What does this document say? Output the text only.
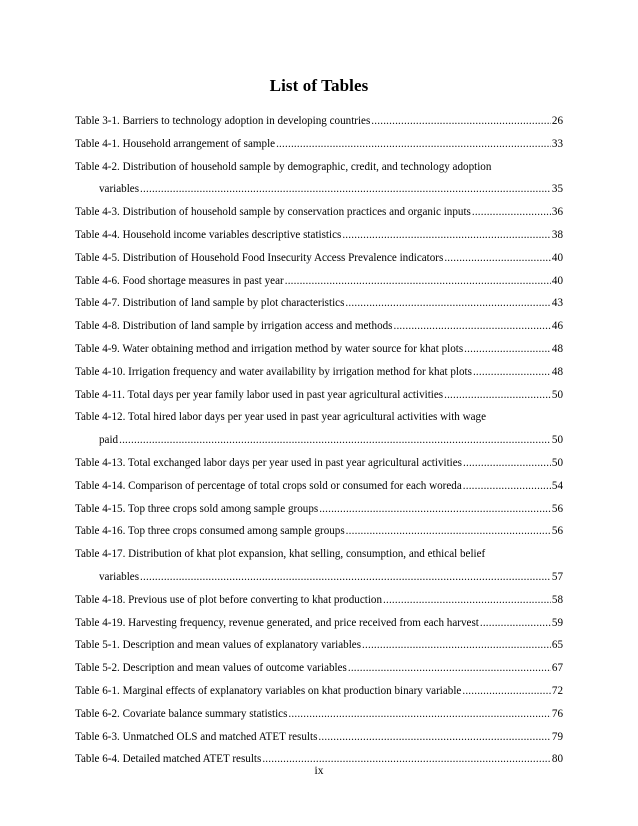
List of Tables
Table 3-1. Barriers to technology adoption in developing countries .....	26
Table 4-1. Household arrangement of sample .....	33
Table 4-2. Distribution of household sample by demographic, credit, and technology adoption
variables .....	35
Table 4-3. Distribution of household sample by conservation practices and organic inputs .....	36
Table 4-4. Household income variables descriptive statistics .....	38
Table 4-5. Distribution of Household Food Insecurity Access Prevalence indicators .....	40
Table 4-6. Food shortage measures in past year .....	40
Table 4-7. Distribution of land sample by plot characteristics .....	43
Table 4-8. Distribution of land sample by irrigation access and methods .....	46
Table 4-9. Water obtaining method and irrigation method by water source for khat plots .....	48
Table 4-10. Irrigation frequency and water availability by irrigation method for khat plots .....	48
Table 4-11. Total days per year family labor used in past year agricultural activities .....	50
Table 4-12. Total hired labor days per year used in past year agricultural activities with wage
paid .....	50
Table 4-13. Total exchanged labor days per year used in past year agricultural activities .....	50
Table 4-14. Comparison of percentage of total crops sold or consumed for each woreda .....	54
Table 4-15. Top three crops sold among sample groups .....	56
Table 4-16. Top three crops consumed among sample groups .....	56
Table 4-17. Distribution of khat plot expansion, khat selling, consumption, and ethical belief
variables .....	57
Table 4-18. Previous use of plot before converting to khat production .....	58
Table 4-19. Harvesting frequency, revenue generated, and price received from each harvest .....	59
Table 5-1. Description and mean values of explanatory variables .....	65
Table 5-2. Description and mean values of outcome variables .....	67
Table 6-1. Marginal effects of explanatory variables on khat production binary variable .....	72
Table 6-2. Covariate balance summary statistics .....	76
Table 6-3. Unmatched OLS and matched ATET results .....	79
Table 6-4. Detailed matched ATET results .....	80
ix
